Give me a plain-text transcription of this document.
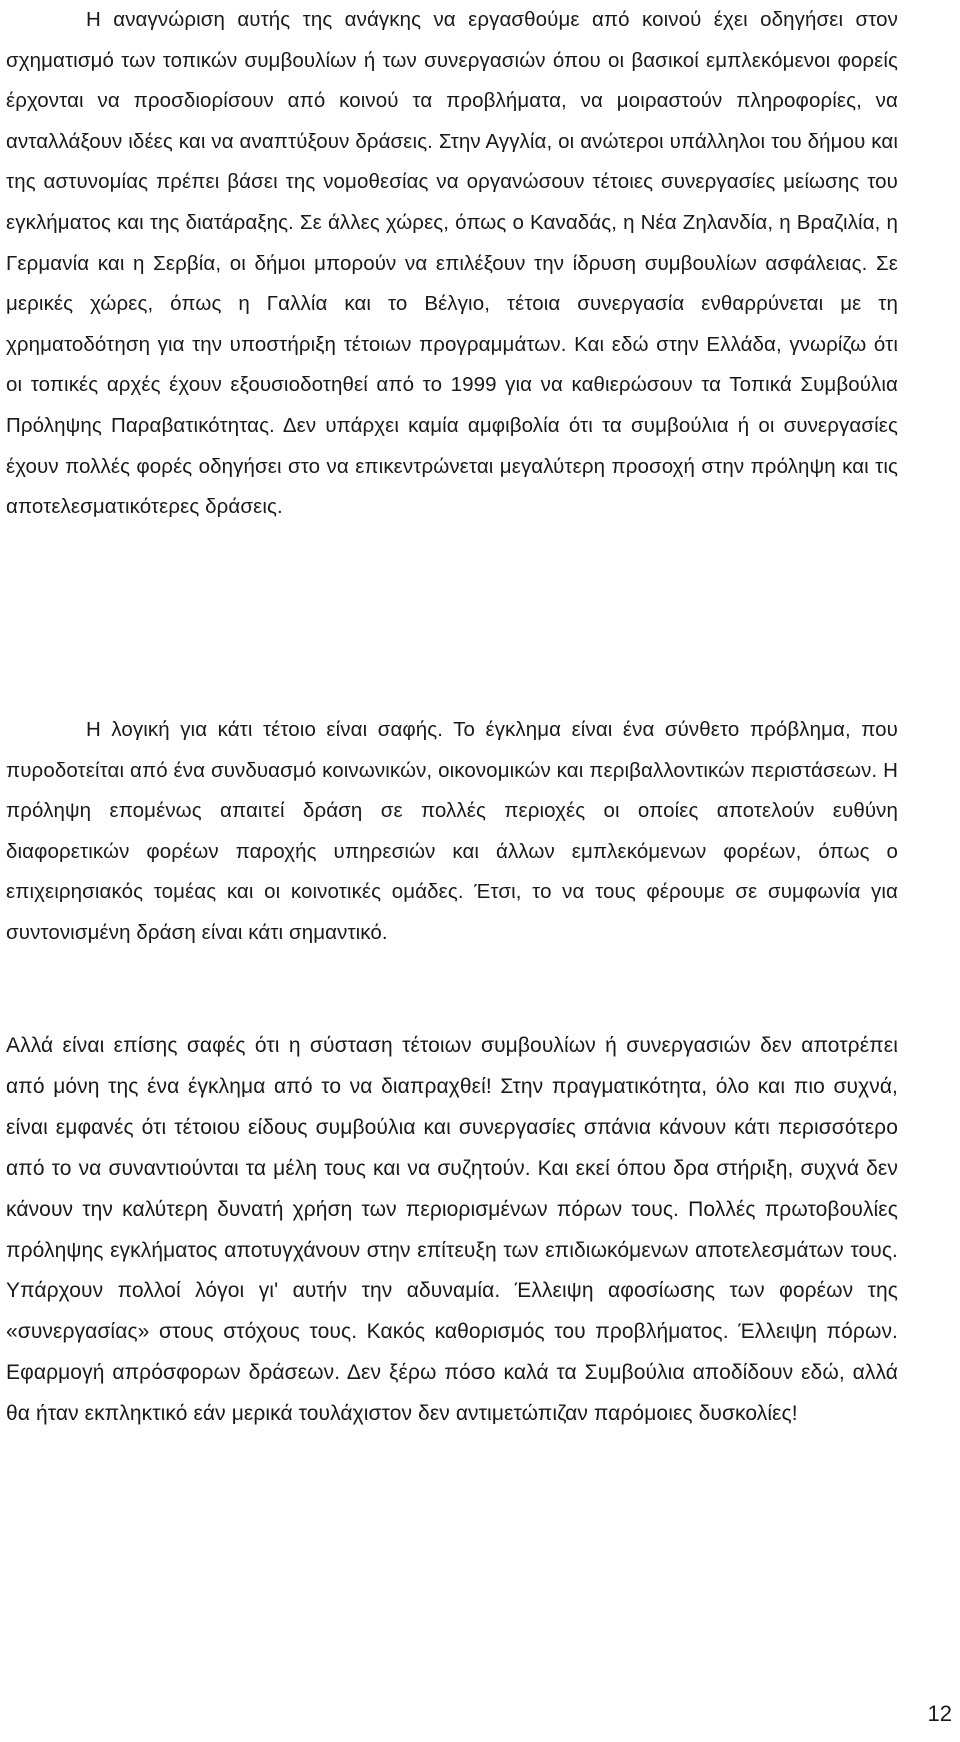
Η αναγνώριση αυτής της ανάγκης να εργασθούμε από κοινού έχει οδηγήσει στον σχηματισμό των τοπικών συμβουλίων ή των συνεργασιών όπου οι βασικοί εμπλεκόμενοι φορείς έρχονται να προσδιορίσουν από κοινού τα προβλήματα, να μοιραστούν πληροφορίες, να ανταλλάξουν ιδέες και να αναπτύξουν δράσεις. Στην Αγγλία, οι ανώτεροι υπάλληλοι του δήμου και της αστυνομίας πρέπει βάσει της νομοθεσίας να οργανώσουν τέτοιες συνεργασίες μείωσης του εγκλήματος και της διατάραξης. Σε άλλες χώρες, όπως ο Καναδάς, η Νέα Ζηλανδία, η Βραζιλία, η Γερμανία και η Σερβία, οι δήμοι μπορούν να επιλέξουν την ίδρυση συμβουλίων ασφάλειας. Σε μερικές χώρες, όπως η Γαλλία και το Βέλγιο, τέτοια συνεργασία ενθαρρύνεται με τη χρηματοδότηση για την υποστήριξη τέτοιων προγραμμάτων. Και εδώ στην Ελλάδα, γνωρίζω ότι οι τοπικές αρχές έχουν εξουσιοδοτηθεί από το 1999 για να καθιερώσουν τα Τοπικά Συμβούλια Πρόληψης Παραβατικότητας. Δεν υπάρχει καμία αμφιβολία ότι τα συμβούλια ή οι συνεργασίες έχουν πολλές φορές οδηγήσει στο να επικεντρώνεται μεγαλύτερη προσοχή στην πρόληψη και τις αποτελεσματικότερες δράσεις.

Η λογική για κάτι τέτοιο είναι σαφής. Το έγκλημα είναι ένα σύνθετο πρόβλημα, που πυροδοτείται από ένα συνδυασμό κοινωνικών, οικονομικών και περιβαλλοντικών περιστάσεων. Η πρόληψη επομένως απαιτεί δράση σε πολλές περιοχές οι οποίες αποτελούν ευθύνη διαφορετικών φορέων παροχής υπηρεσιών και άλλων εμπλεκόμενων φορέων, όπως ο επιχειρησιακός τομέας και οι κοινοτικές ομάδες. Έτσι, το να τους φέρουμε σε συμφωνία για συντονισμένη δράση είναι κάτι σημαντικό.

Αλλά είναι επίσης σαφές ότι η σύσταση τέτοιων συμβουλίων ή συνεργασιών δεν αποτρέπει από μόνη της ένα έγκλημα από το να διαπραχθεί! Στην πραγματικότητα, όλο και πιο συχνά, είναι εμφανές ότι τέτοιου είδους συμβούλια και συνεργασίες σπάνια κάνουν κάτι περισσότερο από το να συναντιούνται τα μέλη τους και να συζητούν. Και εκεί όπου δρα στήριξη, συχνά δεν κάνουν την καλύτερη δυνατή χρήση των περιορισμένων πόρων τους. Πολλές πρωτοβουλίες πρόληψης εγκλήματος αποτυγχάνουν στην επίτευξη των επιδιωκόμενων αποτελεσμάτων τους. Υπάρχουν πολλοί λόγοι γι' αυτήν την αδυναμία. Έλλειψη αφοσίωσης των φορέων της «συνεργασίας» στους στόχους τους. Κακός καθορισμός του προβλήματος. Έλλειψη πόρων. Εφαρμογή απρόσφορων δράσεων. Δεν ξέρω πόσο καλά τα Συμβούλια αποδίδουν εδώ, αλλά θα ήταν εκπληκτικό εάν μερικά τουλάχιστον δεν αντιμετώπιζαν παρόμοιες δυσκολίες!

12
